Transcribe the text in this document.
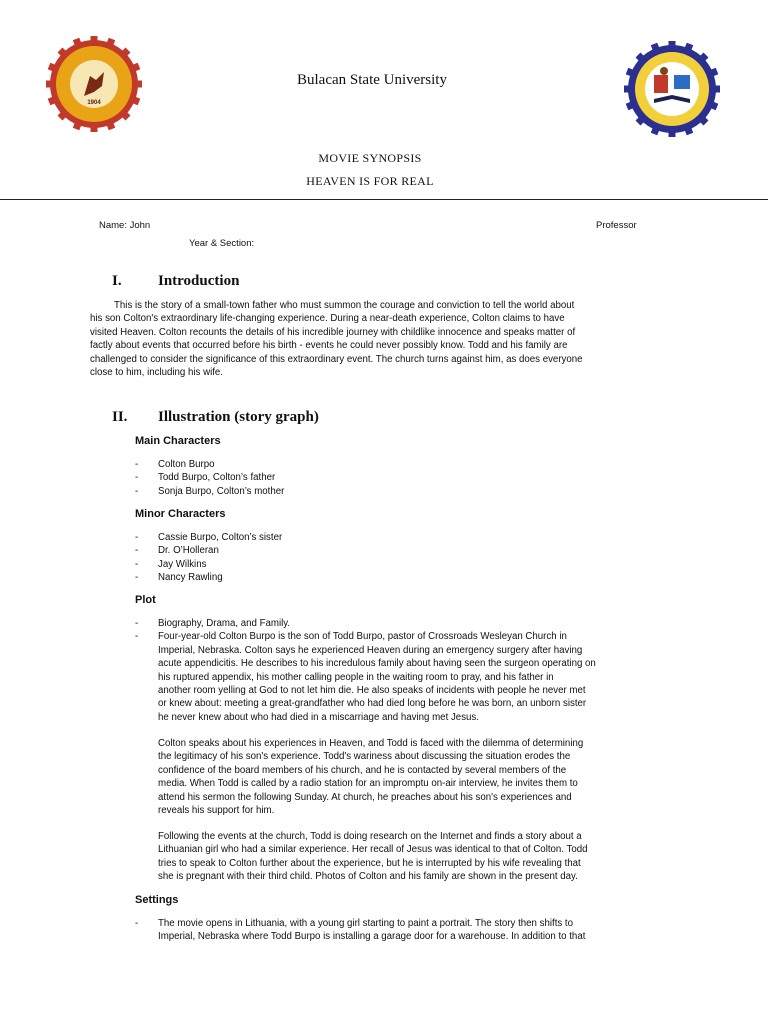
1904
Bulacan State University
MOVIE SYNOPSIS
HEAVEN IS FOR REAL
Name: John	Professor
Year & Section:
I. Introduction
This is the story of a small-town father who must summon the courage and conviction to tell the world about
his son Colton's extraordinary life-changing experience. During a near-death experience, Colton claims to have
visited Heaven. Colton recounts the details of his incredible journey with childlike innocence and speaks matter of
factly about events that occurred before his birth - events he could never possibly know. Todd and his family are
challenged to consider the significance of this extraordinary event. The church turns against him, as does everyone
close to him, including his wife.
II. Illustration (story graph)
Main Characters
- Colton Burpo
- Todd Burpo, Colton’s father
- Sonja Burpo, Colton’s mother
Minor Characters
- Cassie Burpo, Colton’s sister
- Dr. O’Holleran
- Jay Wilkins
- Nancy Rawling
Plot
- Biography, Drama, and Family.
- Four-year-old Colton Burpo is the son of Todd Burpo, pastor of Crossroads Wesleyan Church in
Imperial, Nebraska. Colton says he experienced Heaven during an emergency surgery after having
acute appendicitis. He describes to his incredulous family about having seen the surgeon operating on
his ruptured appendix, his mother calling people in the waiting room to pray, and his father in
another room yelling at God to not let him die. He also speaks of incidents with people he never met
or knew about: meeting a great-grandfather who had died long before he was born, an unborn sister
he never knew about who had died in a miscarriage and having met Jesus.
Colton speaks about his experiences in Heaven, and Todd is faced with the dilemma of determining
the legitimacy of his son's experience. Todd's wariness about discussing the situation erodes the
confidence of the board members of his church, and he is contacted by several members of the
media. When Todd is called by a radio station for an impromptu on-air interview, he invites them to
attend his sermon the following Sunday. At church, he preaches about his son's experiences and
reveals his support for him.
Following the events at the church, Todd is doing research on the Internet and finds a story about a
Lithuanian girl who had a similar experience. Her recall of Jesus was identical to that of Colton. Todd
tries to speak to Colton further about the experience, but he is interrupted by his wife revealing that
she is pregnant with their third child. Photos of Colton and his family are shown in the present day.
Settings
- The movie opens in Lithuania, with a young girl starting to paint a portrait. The story then shifts to
Imperial, Nebraska where Todd Burpo is installing a garage door for a warehouse. In addition to that
